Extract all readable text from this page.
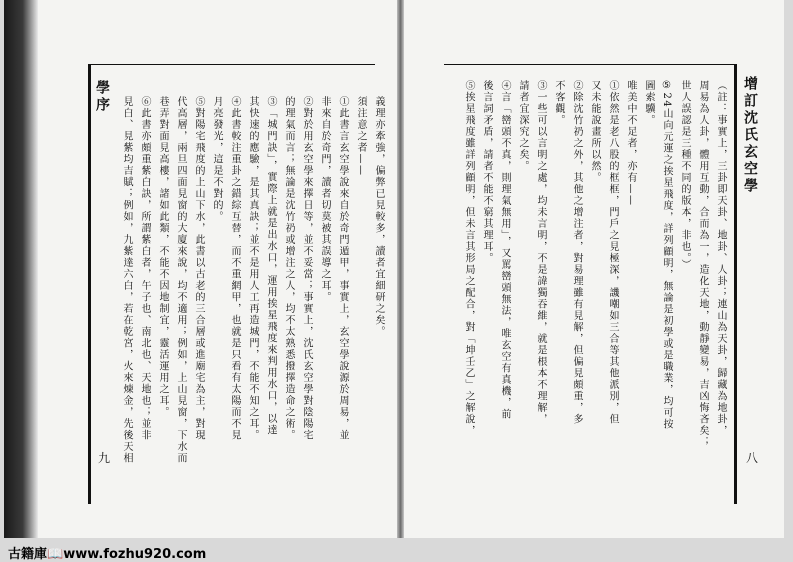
學序
九
義理亦牽強，偏弊已見較多，讀者宜細研之矣。
須注意之者——
①此書言玄空學說來自於奇門遁甲，事實上，玄空學說源於周易，並
非來自於奇門，讀者切莫被其誤導之耳。
②對於用玄空學來擇日等，並不妥當；事實上，沈氏玄空學對陰陽宅
的理氣而言；無論是沈竹礽或增注之人，均不太熟悉撥擇造命之術。
③「城門訣」，實際上就是出水口，運用挨星飛度來判用水口，以達
其快速的應驗，是其真訣；並不是用人工再造城門，不能不知之耳。
④此書較注重卦之錯綜互替，而不重網甲，也就是只看有太陽而不見
月亮發光，這是不對的。
⑤對陽宅飛度的上山下水，此書以古老的三合層或進廟宅為主，對現
代高層，兩旦四面見窗的大廈來說，均不適用；例如，上山見窗，下水而
巷弄對面見高樓，諸如此類，不能不因地制宜，靈活運用之耳。
⑥此書亦頗重紫白訣，所謂紫白者，午子也、南北也、天地也；並非
見白、見紫均吉賦；例如，九紫達六白，若在乾宮，火來煉金，先後天相	增訂沈氏玄空學
八
（註：事實上，三卦即天卦、地卦、人卦；連山為天卦，歸藏為地卦，
周易為人卦，體用互動，合而為一，造化天地，動靜變易，吉凶悔吝矣；
世人誤認是三種不同的版本，非也。）
⑤24山向元運之挨星飛度，詳列顧明，無論是初學或是職業，均可按
圖索驥。
唯美中不足者，亦有——
①依然是老八股的框框，門戶之見極深，譏嘲如三合等其他派別，但
又未能說畫所以然。
②除沈竹礽之外，其他之增注者，對易理雖有見解，但偏見頗重，多
不客觀。
③一些可以言明之處，均未言明，不是諱獨吞維，就是根本不理解，
請者宜深究之矣。
④言「巒頭不真，則理氣無用」，又罵巒頭無法，唯玄空有真機，前
後言詞矛盾，請者不能不窮其理耳。
⑤挨星飛度雖詳列顧明，但未言其形局之配合，對「坤壬乙」之解說，
古籍庫📖www.fozhu920.com
